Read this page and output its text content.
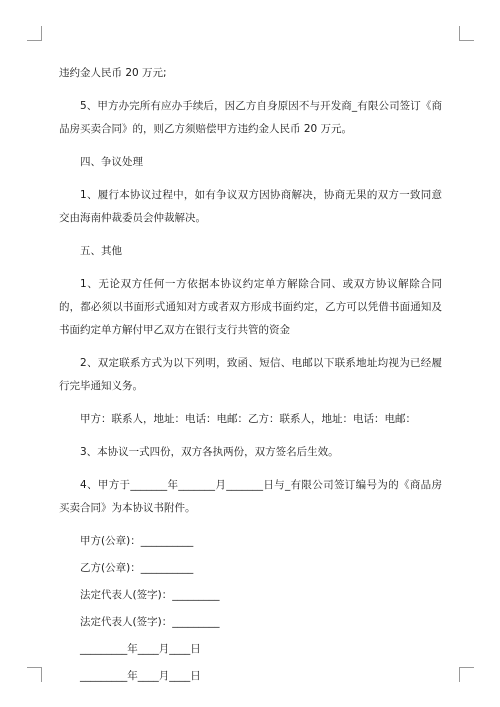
违约金人民币 20 万元;

5、甲方办完所有应办手续后，因乙方自身原因不与开发商_有限公司签订《商品房买卖合同》的，则乙方须赔偿甲方违约金人民币 20 万元。

四、争议处理

1、履行本协议过程中，如有争议双方因协商解决，协商无果的双方一致同意交由海南仲裁委员会仲裁解决。

五、其他

1、无论双方任何一方依据本协议约定单方解除合同、或双方协议解除合同的，都必须以书面形式通知对方或者双方形成书面约定，乙方可以凭借书面通知及书面约定单方解付甲乙双方在银行支行共管的资金

2、双定联系方式为以下列明，致函、短信、电邮以下联系地址均视为已经履行完毕通知义务。

甲方：联系人，地址：电话：电邮：乙方：联系人，地址：电话：电邮：

3、本协议一式四份，双方各执两份，双方签名后生效。

4、甲方于_______年_______月_______日与_有限公司签订编号为的《商品房买卖合同》为本协议书附件。

甲方(公章)：__________

乙方(公章)：__________

法定代表人(签字)：_________

法定代表人(签字)：_________

_________年____月____日

_________年____月____日
